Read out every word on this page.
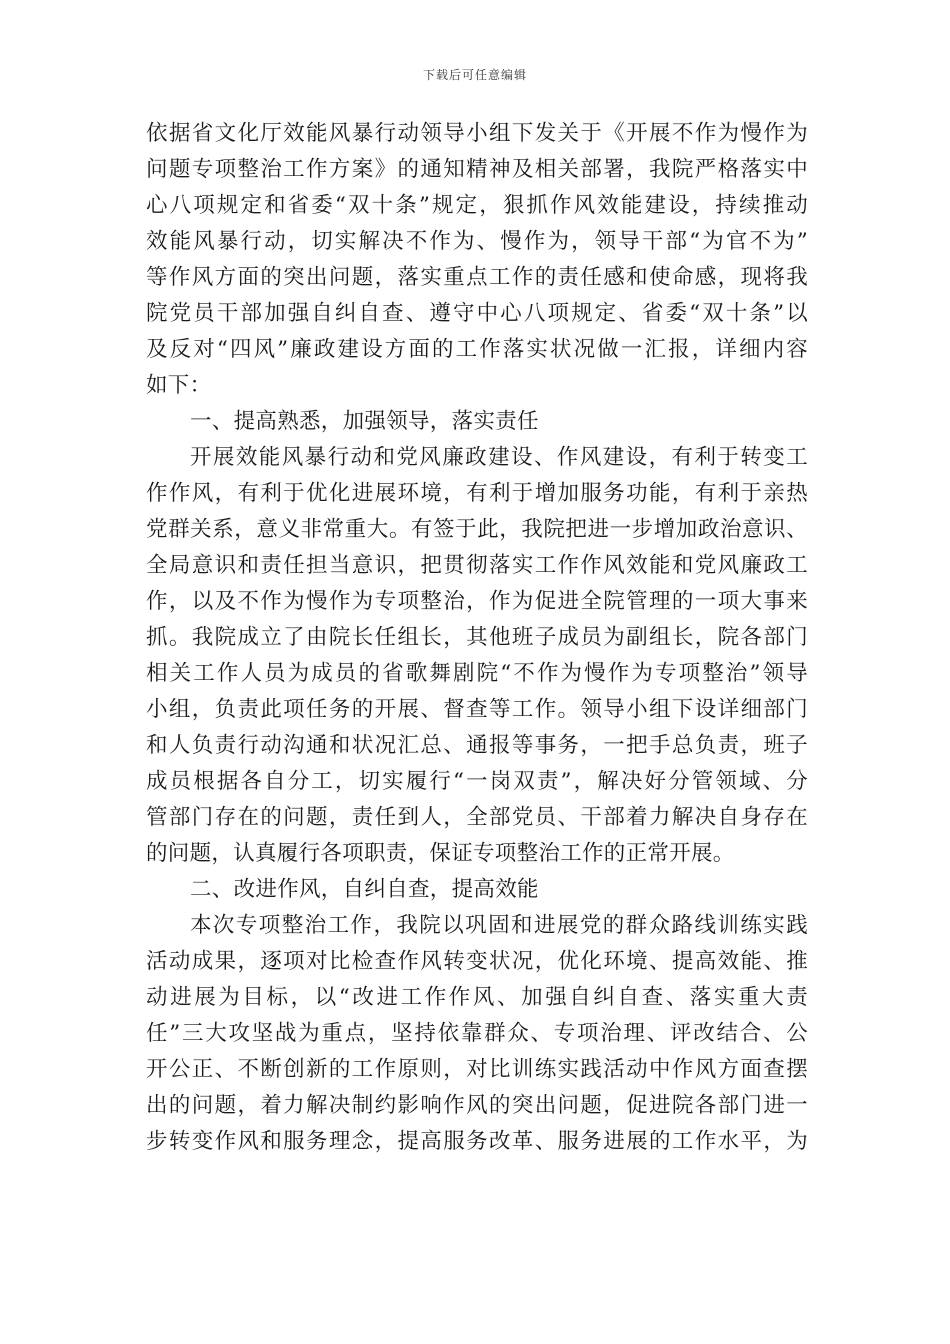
下载后可任意编辑
依据省文化厅效能风暴行动领导小组下发关于《开展不作为慢作为
问题专项整治工作方案》的通知精神及相关部署，我院严格落实中
心八项规定和省委“双十条”规定，狠抓作风效能建设，持续推动
效能风暴行动，切实解决不作为、慢作为，领导干部“为官不为”
等作风方面的突出问题，落实重点工作的责任感和使命感，现将我
院党员干部加强自纠自查、遵守中心八项规定、省委“双十条”以
及反对“四风”廉政建设方面的工作落实状况做一汇报，详细内容
如下：
一、提高熟悉，加强领导，落实责任
开展效能风暴行动和党风廉政建设、作风建设，有利于转变工
作作风，有利于优化进展环境，有利于增加服务功能，有利于亲热
党群关系，意义非常重大。有签于此，我院把进一步增加政治意识、
全局意识和责任担当意识，把贯彻落实工作作风效能和党风廉政工
作，以及不作为慢作为专项整治，作为促进全院管理的一项大事来
抓。我院成立了由院长任组长，其他班子成员为副组长，院各部门
相关工作人员为成员的省歌舞剧院“不作为慢作为专项整治”领导
小组，负责此项任务的开展、督查等工作。领导小组下设详细部门
和人负责行动沟通和状况汇总、通报等事务，一把手总负责，班子
成员根据各自分工，切实履行“一岗双责”，解决好分管领域、分
管部门存在的问题，责任到人，全部党员、干部着力解决自身存在
的问题，认真履行各项职责，保证专项整治工作的正常开展。
二、改进作风，自纠自查，提高效能
本次专项整治工作，我院以巩固和进展党的群众路线训练实践
活动成果，逐项对比检查作风转变状况，优化环境、提高效能、推
动进展为目标，以“改进工作作风、加强自纠自查、落实重大责
任”三大攻坚战为重点，坚持依靠群众、专项治理、评改结合、公
开公正、不断创新的工作原则，对比训练实践活动中作风方面查摆
出的问题，着力解决制约影响作风的突出问题，促进院各部门进一
步转变作风和服务理念，提高服务改革、服务进展的工作水平，为
